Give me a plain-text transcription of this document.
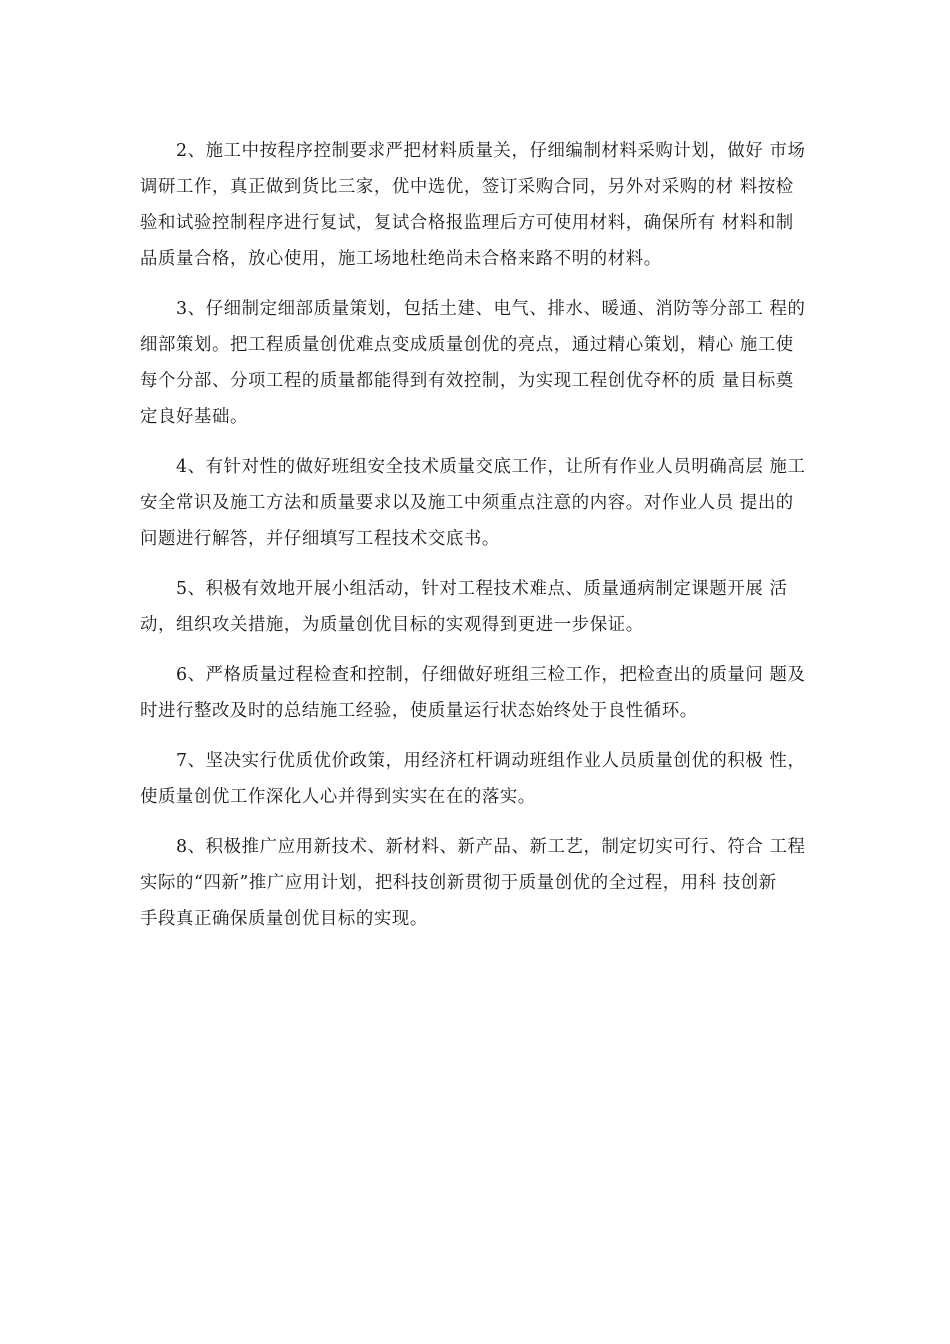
2、施工中按程序控制要求严把材料质量关，仔细编制材料采购计划，做好 市场
调研工作，真正做到货比三家，优中选优，签订采购合同，另外对采购的材 料按检
验和试验控制程序进行复试，复试合格报监理后方可使用材料，确保所有 材料和制
品质量合格，放心使用，施工场地杜绝尚未合格来路不明的材料。

3、仔细制定细部质量策划，包括土建、电气、排水、暖通、消防等分部工 程的
细部策划。把工程质量创优难点变成质量创优的亮点，通过精心策划，精心 施工使
每个分部、分项工程的质量都能得到有效控制，为实现工程创优夺杯的质 量目标奠
定良好基础。

4、有针对性的做好班组安全技术质量交底工作，让所有作业人员明确高层 施工
安全常识及施工方法和质量要求以及施工中须重点注意的内容。对作业人员 提出的
问题进行解答，并仔细填写工程技术交底书。

5、积极有效地开展小组活动，针对工程技术难点、质量通病制定课题开展 活
动，组织攻关措施，为质量创优目标的实观得到更进一步保证。

6、严格质量过程检查和控制，仔细做好班组三检工作，把检查出的质量问 题及
时进行整改及时的总结施工经验，使质量运行状态始终处于良性循环。

7、坚决实行优质优价政策，用经济杠杆调动班组作业人员质量创优的积极 性，
使质量创优工作深化人心并得到实实在在的落实。

8、积极推广应用新技术、新材料、新产品、新工艺，制定切实可行、符合 工程
实际的“四新”推广应用计划，把科技创新贯彻于质量创优的全过程，用科 技创新
手段真正确保质量创优目标的实现。
